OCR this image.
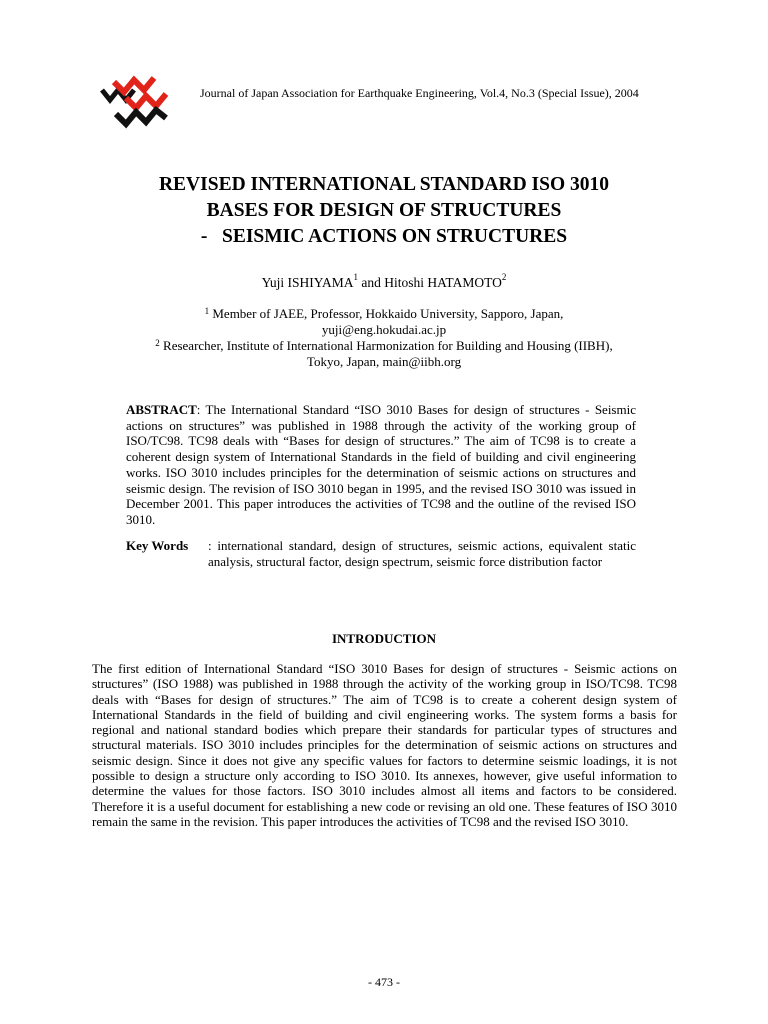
Journal of Japan Association for Earthquake Engineering, Vol.4, No.3 (Special Issue), 2004
REVISED INTERNATIONAL STANDARD ISO 3010
BASES FOR DESIGN OF STRUCTURES
-   SEISMIC ACTIONS ON STRUCTURES
Yuji ISHIYAMA$^1$ and Hitoshi HATAMOTO$^2$
$^1$ Member of JAEE, Professor, Hokkaido University, Sapporo, Japan,
yuji@eng.hokudai.ac.jp
$^2$ Researcher, Institute of International Harmonization for Building and Housing (IIBH),
Tokyo, Japan, main@iibh.org

ABSTRACT: The International Standard “ISO 3010 Bases for design of structures - Seismic actions on structures” was published in 1988 through the activity of the working group of ISO/TC98. TC98 deals with “Bases for design of structures.” The aim of TC98 is to create a coherent design system of International Standards in the field of building and civil engineering works. ISO 3010 includes principles for the determination of seismic actions on structures and seismic design. The revision of ISO 3010 began in 1995, and the revised ISO 3010 was issued in December 2001. This paper introduces the activities of TC98 and the outline of the revised ISO 3010.

Key Words : international standard, design of structures, seismic actions, equivalent static analysis, structural factor, design spectrum, seismic force distribution factor
INTRODUCTION

The first edition of International Standard “ISO 3010 Bases for design of structures - Seismic actions on structures” (ISO 1988) was published in 1988 through the activity of the working group in ISO/TC98. TC98 deals with “Bases for design of structures.” The aim of TC98 is to create a coherent design system of International Standards in the field of building and civil engineering works. The system forms a basis for regional and national standard bodies which prepare their standards for particular types of structures and structural materials. ISO 3010 includes principles for the determination of seismic actions on structures and seismic design. Since it does not give any specific values for factors to determine seismic loadings, it is not possible to design a structure only according to ISO 3010. Its annexes, however, give useful information to determine the values for those factors. ISO 3010 includes almost all items and factors to be considered. Therefore it is a useful document for establishing a new code or revising an old one. These features of ISO 3010 remain the same in the revision. This paper introduces the activities of TC98 and the revised ISO 3010.

- 473 -
